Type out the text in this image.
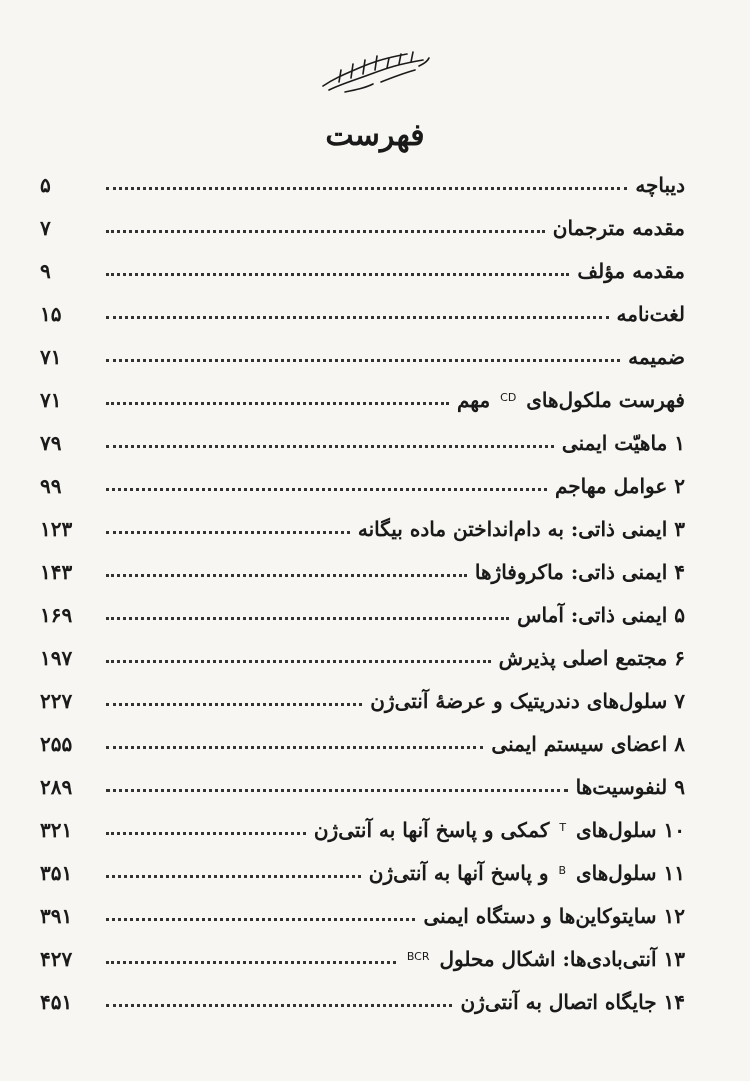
فهرست
دیباچه
۵
مقدمه مترجمان
۷
مقدمه مؤلف
۹
لغت‌نامه
۱۵
ضمیمه
۷۱
فهرست ملکول‌های $^{CD}$ مهم
۷۱
۱ ماهیّت ایمنی
۷۹
۲ عوامل مهاجم
۹۹
۳ ایمنی ذاتی: به دام‌انداختن ماده بیگانه
۱۲۳
۴ ایمنی ذاتی: ماکروفاژها
۱۴۳
۵ ایمنی ذاتی: آماس
۱۶۹
۶ مجتمع اصلی پذیرش
۱۹۷
۷ سلول‌های دندریتیک و عرضهٔ آنتی‌ژن
۲۲۷
۸ اعضای سیستم ایمنی
۲۵۵
۹ لنفوسیت‌ها
۲۸۹
۱۰ سلول‌های $^T$ کمکی و پاسخ آنها به آنتی‌ژن
۳۲۱
۱۱ سلول‌های $^B$ و پاسخ آنها به آنتی‌ژن
۳۵۱
۱۲ سایتوکاین‌ها و دستگاه ایمنی
۳۹۱
۱۳ آنتی‌بادی‌ها: اشکال محلول $^{BCR}$
۴۲۷
۱۴ جایگاه اتصال به آنتی‌ژن
۴۵۱
